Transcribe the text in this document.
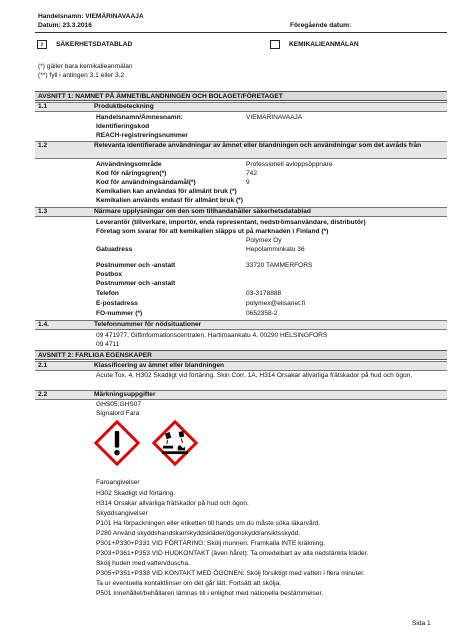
Handelsnamn: VIEMÄRINAVAAJA
Datum: 23.3.2016	Föregående datum:
x	SÄKERHETSDATABLAD	KEMIKALIEANMÄLAN
(*) gäller bara kemikalieanmälan
(**) fyll i antingen 3.1 eller 3.2
AVSNITT 1: NAMNET PÅ ÄMNET/BLANDNINGEN OCH BOLAGET/FÖRETAGET
1.1	Produktbeteckning
Handelsnamn/Ämnesnamn:	VIEMÄRINAVAAJA
Identifieringskod
REACH-registreringsnummer
1.2	Relevanta identifierade användningar av ämnet eller blandningen och användningar som det avråds från
Användningsområde	Professionell avloppsöppnare
Kod för näringsgren(*)	742
Kod för användningsändamål(*)	9
Kemikalien kan användas för allmänt bruk (*)
Kemikalien används endast för allmänt bruk (*)
1.3	Närmare upplysningar om den som tillhandahåller säkerhetsdatablad
Leverantör (tillverkare, importör, enda representant, nedströmsanvändare, distributör)
Företag som svarar för att kemikalien släpps ut på marknaden i Finland (*)
Polymex Oy
Gatuadress	Hepolamminkatu 36
Postnummer och -anstalt	33720 TAMMERFORS
Postbox
Postnummer och -anstalt
Telefon	03-3178888
E-postadress	polymex@elisanet.fi
FO-nummer (*)	0652358-2
1.4.	Telefonnummer för nödsituationer
09 471977, Giftinformationscentralen, Hartimaankatu 4, 00290 HELSINGFORS
09 4711
AVSNITT 2: FARLIGA EGENSKAPER
2.1	Klassificering av ämnet eller blandningen
Acute Tox. 4, H302 Skadligt vid förtäring. Skin Corr. 1A, H314 Orsakar allvarliga frätskador på hud och ögon.
2.2	Märkningsuppgifter
GHS05,GHS07
Signalord Fara
Faroangivelser
H302 Skadligt vid förtäring.
H314 Orsakar allvarliga frätskador på hud och ögon.
Skyddsangivelser
P101 Ha förpackningen eller etiketten till hands om du måste söka läkarvård.
P280 Använd skyddshandskar/skyddskläder/ögonskydd/ansiktsskydd.
P301+P330+P331 VID FÖRTÄRING: Skölj munnen. Framkalla INTE kräkning.
P303+P361+P353 VID HUDKONTAKT (även håret): Ta omedelbart av alla nedstänkta kläder.
Skölj huden med vatten/duscha.
P305+P351+P338 VID KONTAKT MED ÖGONEN: Skölj försiktigt med vatten i flera minuter.
Ta ur eventuella kontaktlinser om det går lätt. Fortsätt att skölja.
P501 Innehållet/behållaren lämnas till i enlighet med nationella bestämmelser.
Sida 1
